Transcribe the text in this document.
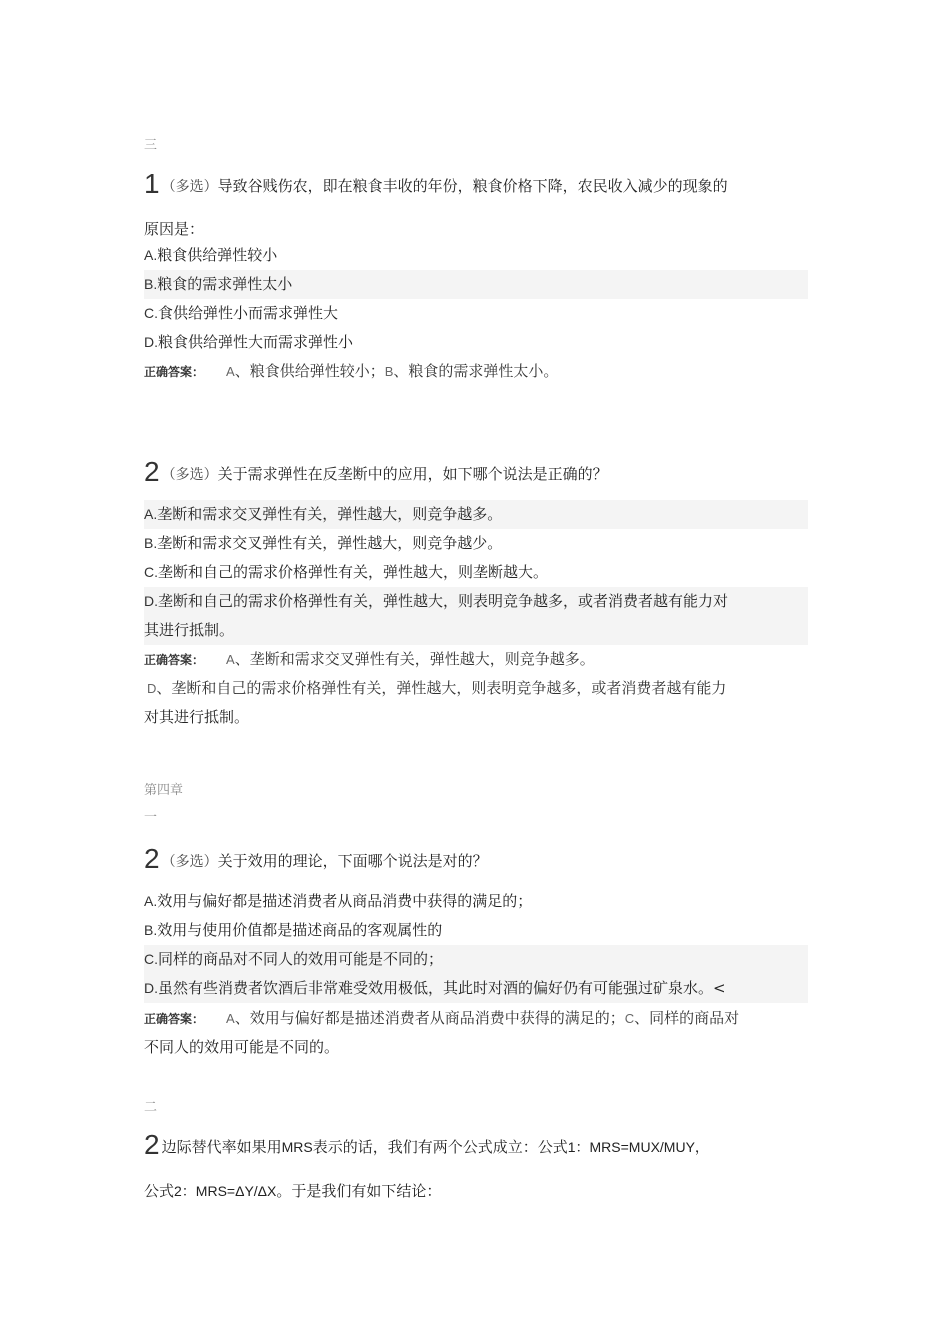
三
1 （多选）导致谷贱伤农，即在粮食丰收的年份，粮食价格下降，农民收入减少的现象的
原因是：
A.粮食供给弹性较小
B.粮食的需求弹性太小
C.食供给弹性小而需求弹性大
D.粮食供给弹性大而需求弹性小
正确答案： A、粮食供给弹性较小；B、粮食的需求弹性太小。
2 （多选）关于需求弹性在反垄断中的应用，如下哪个说法是正确的？
A.垄断和需求交叉弹性有关，弹性越大，则竞争越多。
B.垄断和需求交叉弹性有关，弹性越大，则竞争越少。
C.垄断和自己的需求价格弹性有关，弹性越大，则垄断越大。
D.垄断和自己的需求价格弹性有关，弹性越大，则表明竞争越多，或者消费者越有能力对
其进行抵制。
正确答案： A、垄断和需求交叉弹性有关，弹性越大，则竞争越多。
D、垄断和自己的需求价格弹性有关，弹性越大，则表明竞争越多，或者消费者越有能力
对其进行抵制。
第四章
一
2 （多选）关于效用的理论，下面哪个说法是对的？
A.效用与偏好都是描述消费者从商品消费中获得的满足的；
B.效用与使用价值都是描述商品的客观属性的
C.同样的商品对不同人的效用可能是不同的；
D.虽然有些消费者饮酒后非常难受效用极低，其此时对酒的偏好仍有可能强过矿泉水。<
正确答案： A、效用与偏好都是描述消费者从商品消费中获得的满足的；C、同样的商品对
不同人的效用可能是不同的。
二
2 边际替代率如果用MRS表示的话，我们有两个公式成立：公式1：MRS=MUX/MUY，
公式2：MRS=ΔY/ΔX。于是我们有如下结论：
